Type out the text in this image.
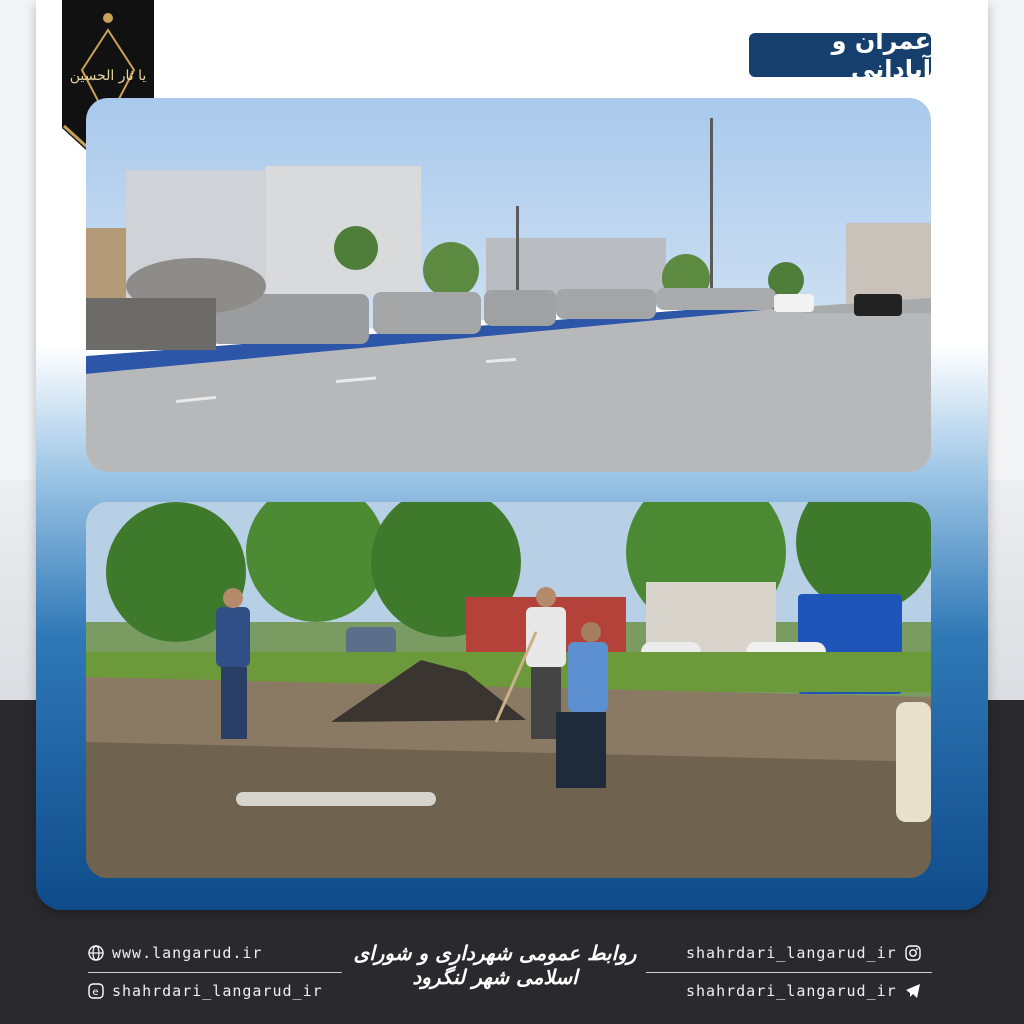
یا ثار الحسین
عمران و آبادانی
www.langarud.ir
e shahrdari_langarud_ir
روابط عمومی شهرداری و شورای اسلامی شهر لنگرود
shahrdari_langarud_ir
shahrdari_langarud_ir
